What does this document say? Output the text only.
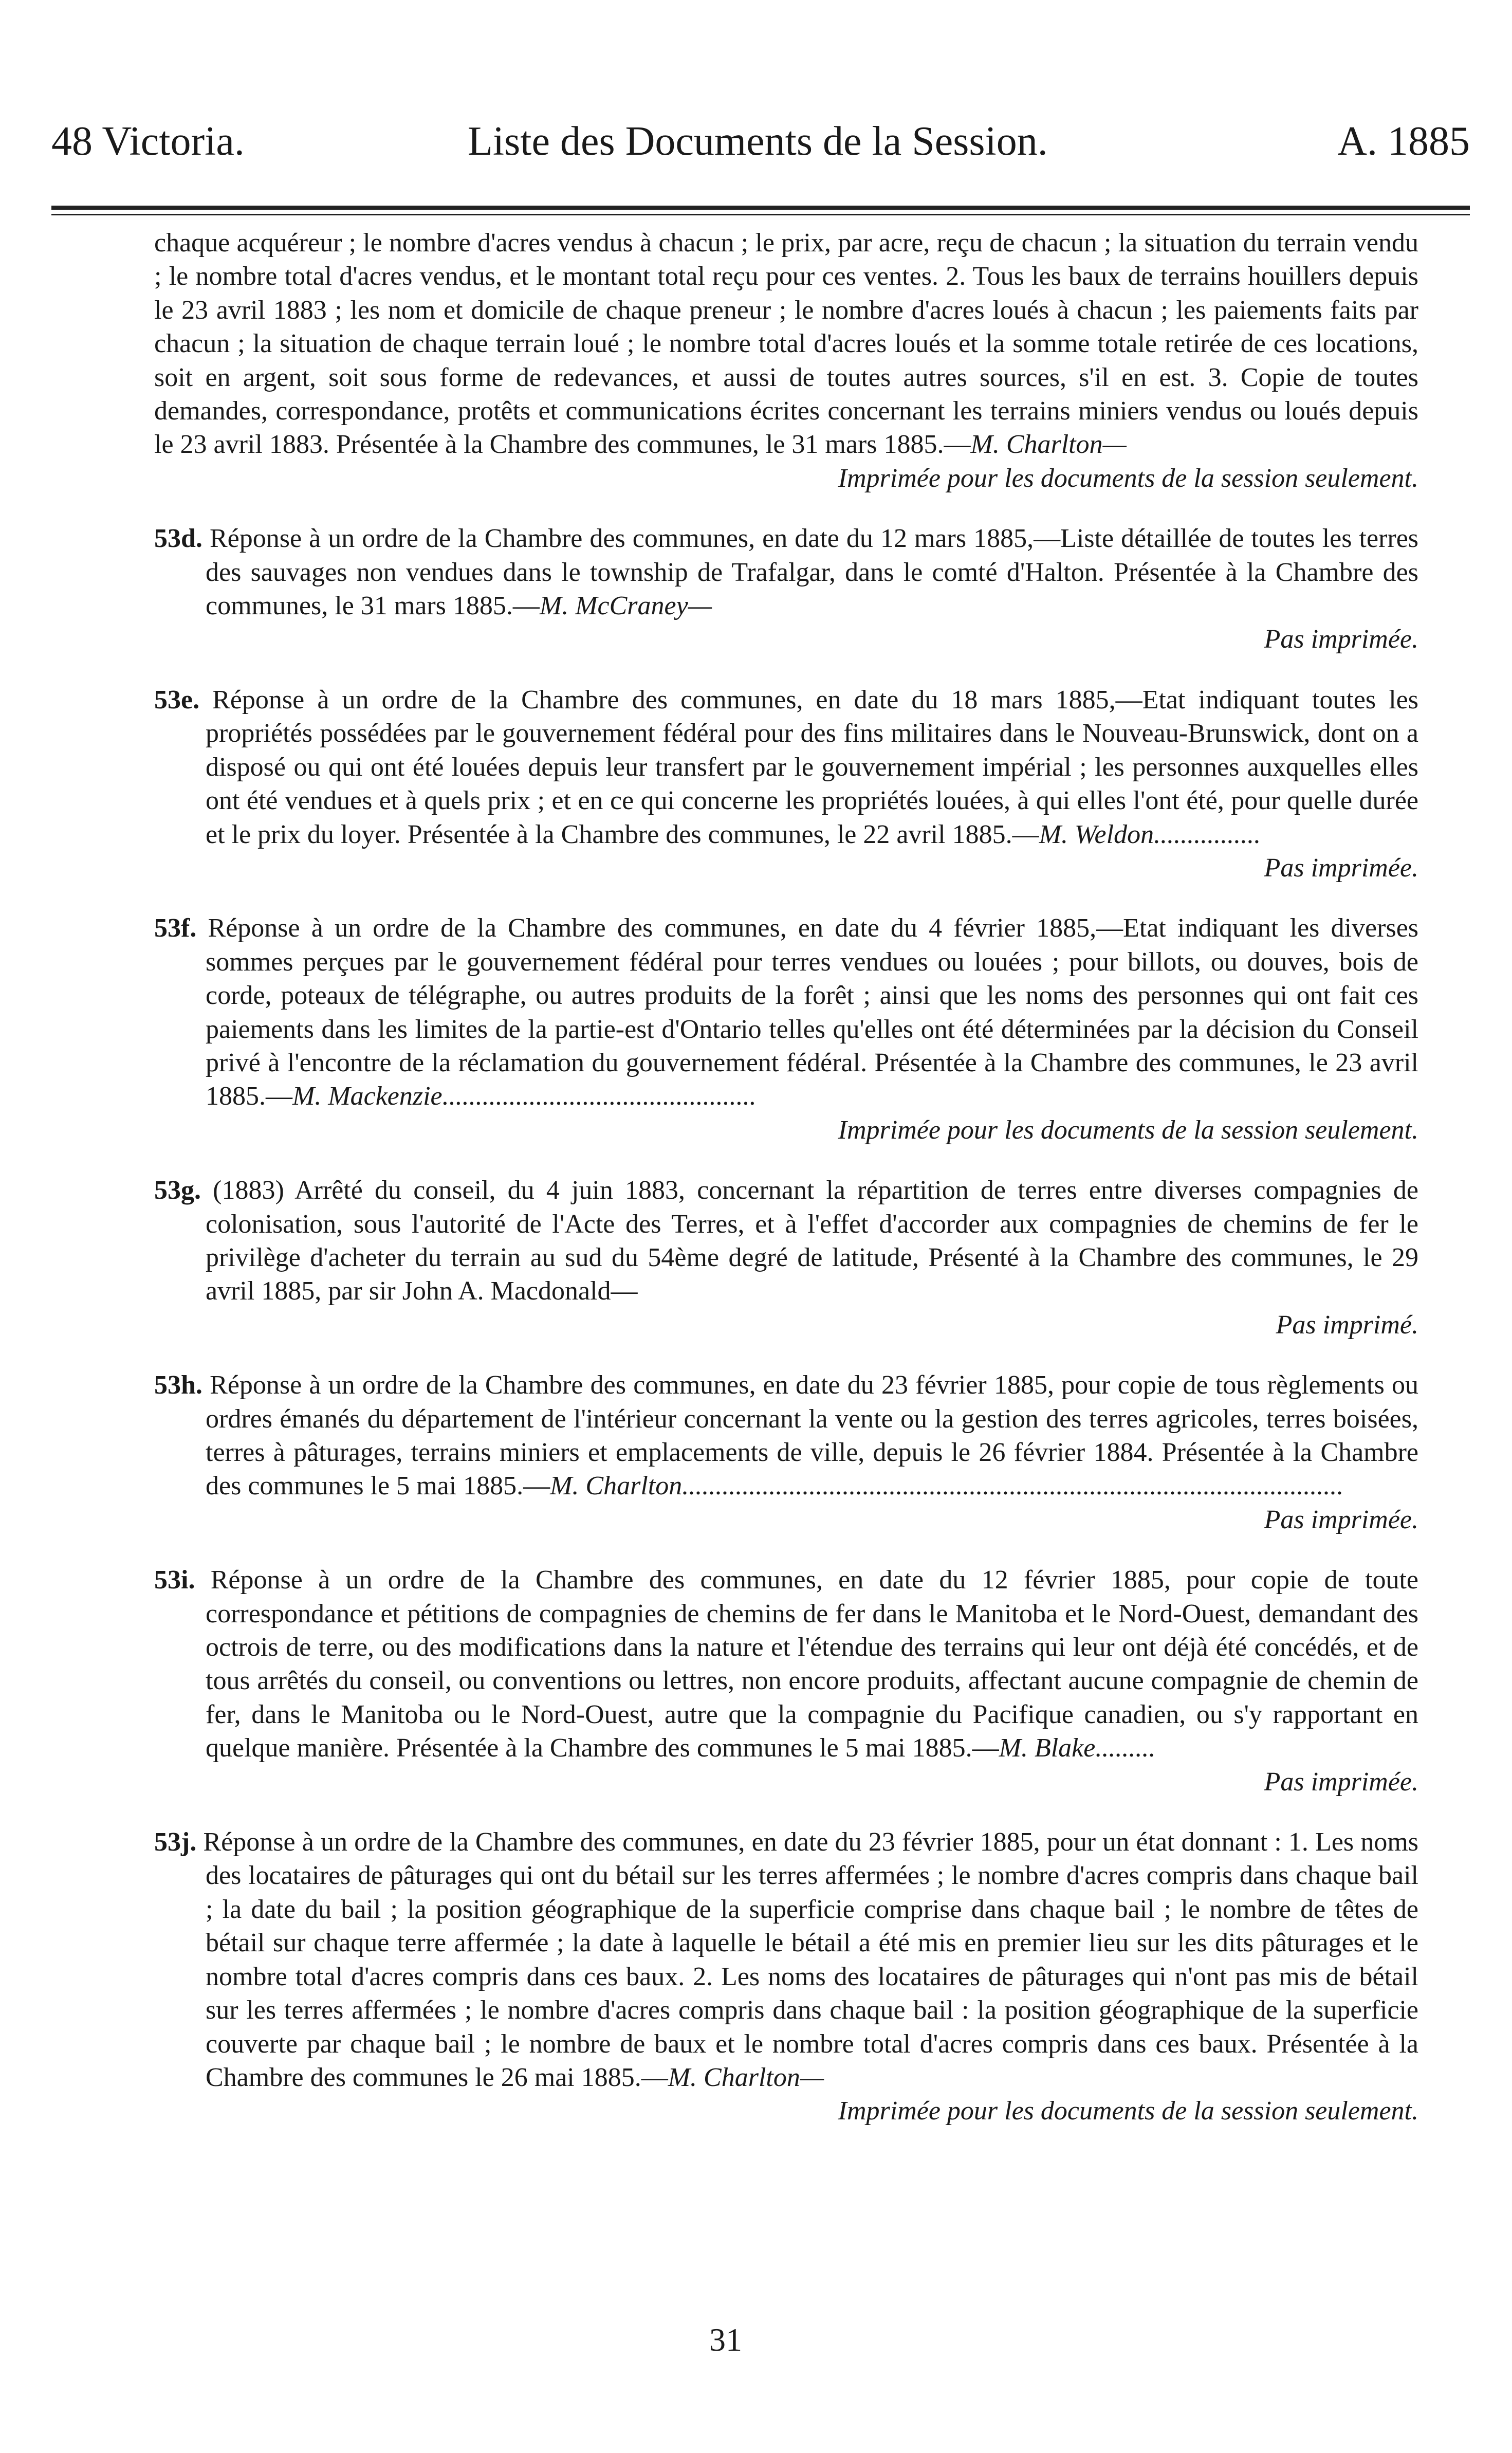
48 Victoria.	Liste des Documents de la Session.	A. 1885

chaque acquéreur ; le nombre d'acres vendus à chacun ; le prix, par acre, reçu de chacun ; la situation du terrain vendu ; le nombre total d'acres vendus, et le montant total reçu pour ces ventes. 2. Tous les baux de terrains houillers depuis le 23 avril 1883 ; les nom et domicile de chaque preneur ; le nombre d'acres loués à chacun ; les paiements faits par chacun ; la situation de chaque terrain loué ; le nombre total d'acres loués et la somme totale retirée de ces locations, soit en argent, soit sous forme de redevances, et aussi de toutes autres sources, s'il en est. 3. Copie de toutes demandes, correspondance, protêts et communications écrites concernant les terrains miniers vendus ou loués depuis le 23 avril 1883. Présentée à la Chambre des communes, le 31 mars 1885.—M. Charlton—
Imprimée pour les documents de la session seulement.

53d. Réponse à un ordre de la Chambre des communes, en date du 12 mars 1885,—Liste détaillée de toutes les terres des sauvages non vendues dans le township de Trafalgar, dans le comté d'Halton. Présentée à la Chambre des communes, le 31 mars 1885.—M. McCraney—
Pas imprimée.

53e. Réponse à un ordre de la Chambre des communes, en date du 18 mars 1885,—Etat indiquant toutes les propriétés possédées par le gouvernement fédéral pour des fins militaires dans le Nouveau-Brunswick, dont on a disposé ou qui ont été louées depuis leur transfert par le gouvernement impérial ; les personnes auxquelles elles ont été vendues et à quels prix ; et en ce qui concerne les propriétés louées, à qui elles l'ont été, pour quelle durée et le prix du loyer. Présentée à la Chambre des communes, le 22 avril 1885.—M. Weldon................
Pas imprimée.

53f. Réponse à un ordre de la Chambre des communes, en date du 4 février 1885,—Etat indiquant les diverses sommes perçues par le gouvernement fédéral pour terres vendues ou louées ; pour billots, ou douves, bois de corde, poteaux de télégraphe, ou autres produits de la forêt ; ainsi que les noms des personnes qui ont fait ces paiements dans les limites de la partie-est d'Ontario telles qu'elles ont été déterminées par la décision du Conseil privé à l'encontre de la réclamation du gouvernement fédéral. Présentée à la Chambre des communes, le 23 avril 1885.—M. Mackenzie...............................................
Imprimée pour les documents de la session seulement.

53g. (1883) Arrêté du conseil, du 4 juin 1883, concernant la répartition de terres entre diverses compagnies de colonisation, sous l'autorité de l'Acte des Terres, et à l'effet d'accorder aux compagnies de chemins de fer le privilège d'acheter du terrain au sud du 54ème degré de latitude, Présenté à la Chambre des communes, le 29 avril 1885, par sir John A. Macdonald—
Pas imprimé.

53h. Réponse à un ordre de la Chambre des communes, en date du 23 février 1885, pour copie de tous règlements ou ordres émanés du département de l'intérieur concernant la vente ou la gestion des terres agricoles, terres boisées, terres à pâturages, terrains miniers et emplacements de ville, depuis le 26 février 1884. Présentée à la Chambre des communes le 5 mai 1885.—M. Charlton...................................................................................................
Pas imprimée.

53i. Réponse à un ordre de la Chambre des communes, en date du 12 février 1885, pour copie de toute correspondance et pétitions de compagnies de chemins de fer dans le Manitoba et le Nord-Ouest, demandant des octrois de terre, ou des modifications dans la nature et l'étendue des terrains qui leur ont déjà été concédés, et de tous arrêtés du conseil, ou conventions ou lettres, non encore produits, affectant aucune compagnie de chemin de fer, dans le Manitoba ou le Nord-Ouest, autre que la compagnie du Pacifique canadien, ou s'y rapportant en quelque manière. Présentée à la Chambre des communes le 5 mai 1885.—M. Blake.........
Pas imprimée.

53j. Réponse à un ordre de la Chambre des communes, en date du 23 février 1885, pour un état donnant : 1. Les noms des locataires de pâturages qui ont du bétail sur les terres affermées ; le nombre d'acres compris dans chaque bail ; la date du bail ; la position géographique de la superficie comprise dans chaque bail ; le nombre de têtes de bétail sur chaque terre affermée ; la date à laquelle le bétail a été mis en premier lieu sur les dits pâturages et le nombre total d'acres compris dans ces baux. 2. Les noms des locataires de pâturages qui n'ont pas mis de bétail sur les terres affermées ; le nombre d'acres compris dans chaque bail : la position géographique de la superficie couverte par chaque bail ; le nombre de baux et le nombre total d'acres compris dans ces baux. Présentée à la Chambre des communes le 26 mai 1885.—M. Charlton—
Imprimée pour les documents de la session seulement.

31
